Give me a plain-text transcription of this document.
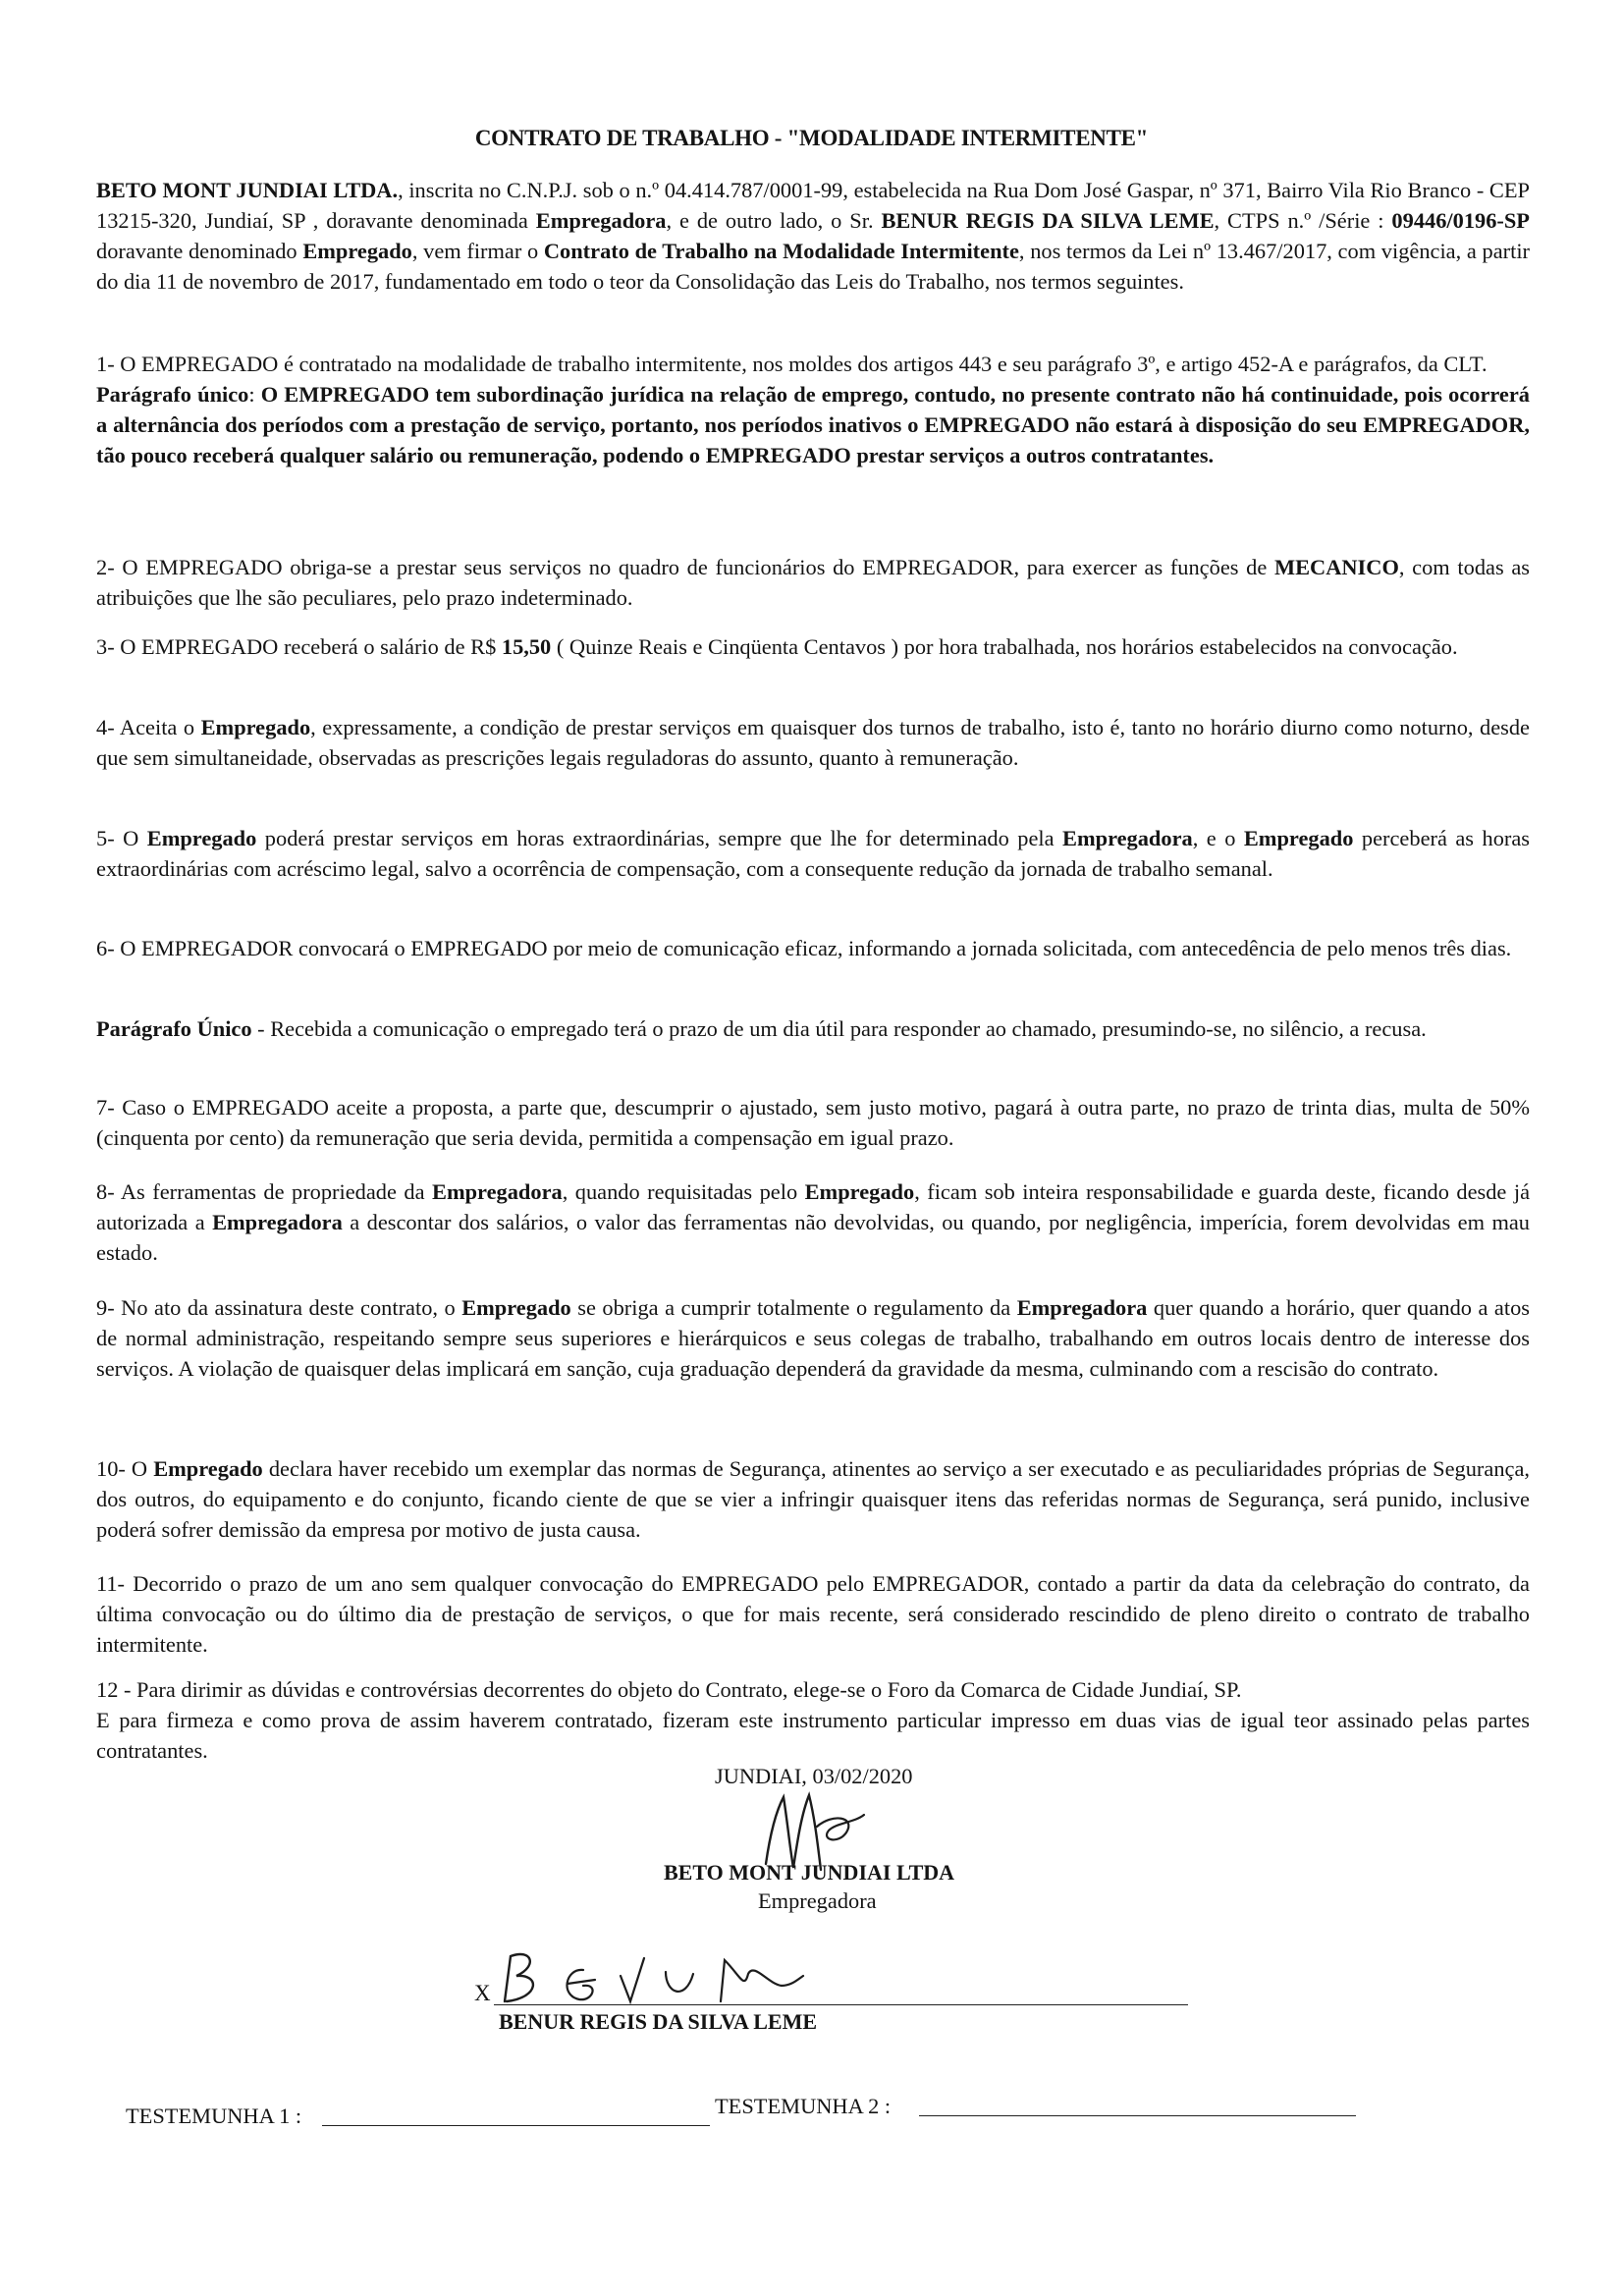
CONTRATO DE TRABALHO - "MODALIDADE INTERMITENTE"

BETO MONT JUNDIAI LTDA., inscrita no C.N.P.J. sob o n.º 04.414.787/0001-99, estabelecida na Rua Dom José Gaspar, nº 371, Bairro Vila Rio Branco - CEP 13215-320, Jundiaí, SP , doravante denominada Empregadora, e de outro lado, o Sr. BENUR REGIS DA SILVA LEME, CTPS n.º /Série : 09446/0196-SP doravante denominado Empregado, vem firmar o Contrato de Trabalho na Modalidade Intermitente, nos termos da Lei nº 13.467/2017, com vigência, a partir do dia 11 de novembro de 2017, fundamentado em todo o teor da Consolidação das Leis do Trabalho, nos termos seguintes.

1- O EMPREGADO é contratado na modalidade de trabalho intermitente, nos moldes dos artigos 443 e seu parágrafo 3º, e artigo 452-A e parágrafos, da CLT.
Parágrafo único: O EMPREGADO tem subordinação jurídica na relação de emprego, contudo, no presente contrato não há continuidade, pois ocorrerá a alternância dos períodos com a prestação de serviço, portanto, nos períodos inativos o EMPREGADO não estará à disposição do seu EMPREGADOR, tão pouco receberá qualquer salário ou remuneração, podendo o EMPREGADO prestar serviços a outros contratantes.

2- O EMPREGADO obriga-se a prestar seus serviços no quadro de funcionários do EMPREGADOR, para exercer as funções de MECANICO, com todas as atribuições que lhe são peculiares, pelo prazo indeterminado.

3- O EMPREGADO receberá o salário de R$ 15,50 ( Quinze Reais e Cinqüenta Centavos ) por hora trabalhada, nos horários estabelecidos na convocação.

4- Aceita o Empregado, expressamente, a condição de prestar serviços em quaisquer dos turnos de trabalho, isto é, tanto no horário diurno como noturno, desde que sem simultaneidade, observadas as prescrições legais reguladoras do assunto, quanto à remuneração.

5- O Empregado poderá prestar serviços em horas extraordinárias, sempre que lhe for determinado pela Empregadora, e o Empregado perceberá as horas extraordinárias com acréscimo legal, salvo a ocorrência de compensação, com a consequente redução da jornada de trabalho semanal.

6- O EMPREGADOR convocará o EMPREGADO por meio de comunicação eficaz, informando a jornada solicitada, com antecedência de pelo menos três dias.

Parágrafo Único - Recebida a comunicação o empregado terá o prazo de um dia útil para responder ao chamado, presumindo-se, no silêncio, a recusa.

7- Caso o EMPREGADO aceite a proposta, a parte que, descumprir o ajustado, sem justo motivo, pagará à outra parte, no prazo de trinta dias, multa de 50% (cinquenta por cento) da remuneração que seria devida, permitida a compensação em igual prazo.

8- As ferramentas de propriedade da Empregadora, quando requisitadas pelo Empregado, ficam sob inteira responsabilidade e guarda deste, ficando desde já autorizada a Empregadora a descontar dos salários, o valor das ferramentas não devolvidas, ou quando, por negligência, imperícia, forem devolvidas em mau estado.

9- No ato da assinatura deste contrato, o Empregado se obriga a cumprir totalmente o regulamento da Empregadora quer quando a horário, quer quando a atos de normal administração, respeitando sempre seus superiores e hierárquicos e seus colegas de trabalho, trabalhando em outros locais dentro de interesse dos serviços. A violação de quaisquer delas implicará em sanção, cuja graduação dependerá da gravidade da mesma, culminando com a rescisão do contrato.

10- O Empregado declara haver recebido um exemplar das normas de Segurança, atinentes ao serviço a ser executado e as peculiaridades próprias de Segurança, dos outros, do equipamento e do conjunto, ficando ciente de que se vier a infringir quaisquer itens das referidas normas de Segurança, será punido, inclusive poderá sofrer demissão da empresa por motivo de justa causa.

11- Decorrido o prazo de um ano sem qualquer convocação do EMPREGADO pelo EMPREGADOR, contado a partir da data da celebração do contrato, da última convocação ou do último dia de prestação de serviços, o que for mais recente, será considerado rescindido de pleno direito o contrato de trabalho intermitente.

12 - Para dirimir as dúvidas e controvérsias decorrentes do objeto do Contrato, elege-se o Foro da Comarca de Cidade Jundiaí, SP.
E para firmeza e como prova de assim haverem contratado, fizeram este instrumento particular impresso em duas vias de igual teor assinado pelas partes contratantes.

JUNDIAI, 03/02/2020
BETO MONT JUNDIAI LTDA
Empregadora
X
BENUR REGIS DA SILVA LEME
TESTEMUNHA 1 :	TESTEMUNHA 2 :
